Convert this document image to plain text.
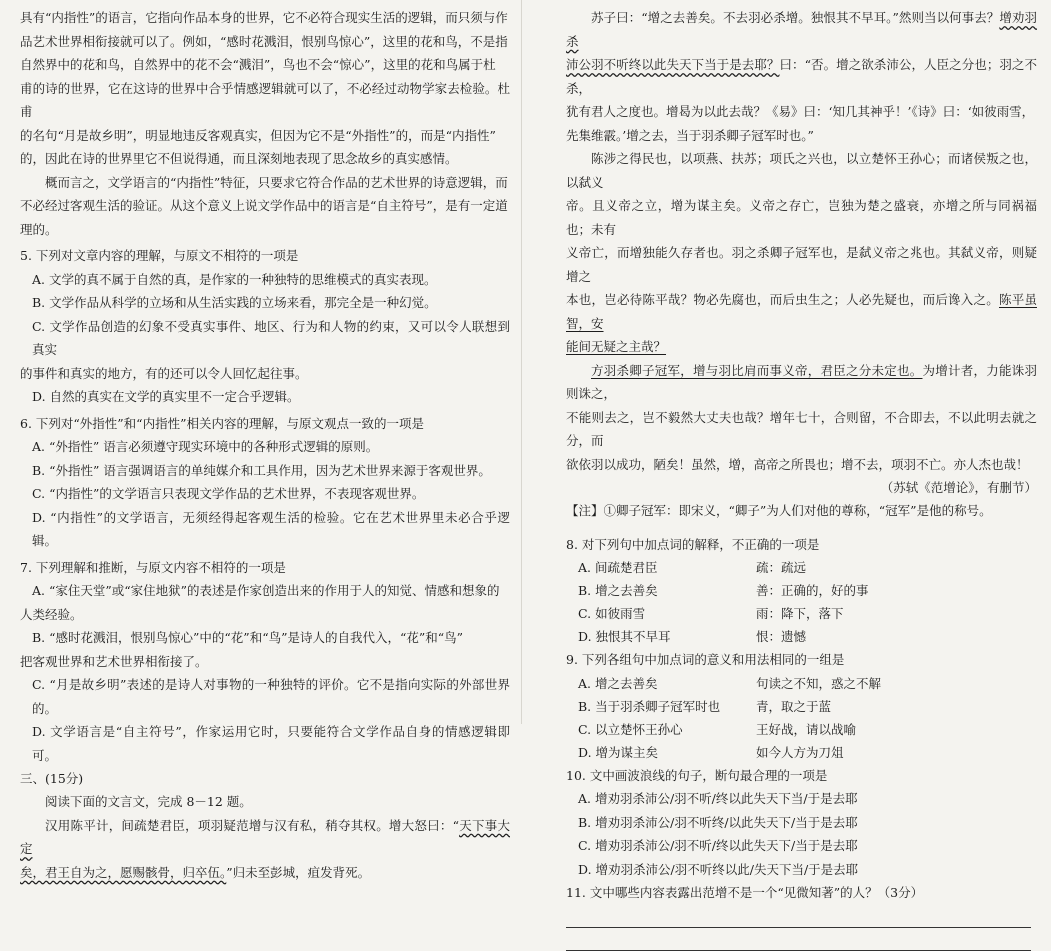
具有“内指性”的语言，它指向作品本身的世界，它不必符合现实生活的逻辑，而只须与作

品艺术世界相衔接就可以了。例如，“感时花溅泪，恨别鸟惊心”，这里的花和鸟，不是指

自然界中的花和鸟，自然界中的花不会“溅泪”，鸟也不会“惊心”，这里的花和鸟属于杜

甫的诗的世界，它在这诗的世界中合乎情感逻辑就可以了，不必经过动物学家去检验。杜甫

的名句“月是故乡明”，明显地违反客观真实，但因为它不是“外指性”的，而是“内指性”

的，因此在诗的世界里它不但说得通，而且深刻地表现了思念故乡的真实感情。

概而言之，文学语言的“内指性”特征，只要求它符合作品的艺术世界的诗意逻辑，而

不必经过客观生活的验证。从这个意义上说文学作品中的语言是“自主符号”，是有一定道

理的。

5. 下列对文章内容的理解，与原文不相符的一项是

A. 文学的真不属于自然的真，是作家的一种独特的思维模式的真实表现。

B. 文学作品从科学的立场和从生活实践的立场来看，那完全是一种幻觉。

C. 文学作品创造的幻象不受真实事件、地区、行为和人物的约束，又可以令人联想到真实

的事件和真实的地方，有的还可以令人回忆起往事。

D. 自然的真实在文学的真实里不一定合乎逻辑。

6. 下列对“外指性”和“内指性”相关内容的理解，与原文观点一致的一项是

A. “外指性” 语言必须遵守现实环境中的各种形式逻辑的原则。

B. “外指性” 语言强调语言的单纯媒介和工具作用，因为艺术世界来源于客观世界。

C. “内指性”的文学语言只表现文学作品的艺术世界，不表现客观世界。

D. “内指性”的文学语言，无须经得起客观生活的检验。它在艺术世界里未必合乎逻辑。

7. 下列理解和推断，与原文内容不相符的一项是

A. “家住天堂”或“家住地狱”的表述是作家创造出来的作用于人的知觉、情感和想象的

人类经验。

B. “感时花溅泪，恨别鸟惊心”中的“花”和“鸟”是诗人的自我代入，“花”和“鸟”

把客观世界和艺术世界相衔接了。

C. “月是故乡明”表述的是诗人对事物的一种独特的评价。它不是指向实际的外部世界的。

D. 文学语言是“自主符号”，作家运用它时，只要能符合文学作品自身的情感逻辑即可。

三、(15分)

阅读下面的文言文，完成 8－12 题。

汉用陈平计，间疏楚君臣，项羽疑范增与汉有私，稍夺其权。增大怒曰：“天下事大定

矣，君王自为之，愿赐骸骨，归卒伍。”归未至彭城，疽发背死。

苏子曰：“增之去善矣。不去羽必杀增。独恨其不早耳。”然则当以何事去？增劝羽杀

沛公羽不听终以此失天下当于是去耶？曰：“否。增之欲杀沛公，人臣之分也；羽之不杀，

犹有君人之度也。增曷为以此去哉？《易》曰：‘知几其神乎！’《诗》曰：‘如彼雨雪，

先集维霰。’增之去，当于羽杀卿子冠军时也。”

陈涉之得民也，以项燕、扶苏；项氏之兴也，以立楚怀王孙心；而诸侯叛之也，以弑义

帝。且义帝之立，增为谋主矣。义帝之存亡，岂独为楚之盛衰，亦增之所与同祸福也；未有

义帝亡，而增独能久存者也。羽之杀卿子冠军也，是弑义帝之兆也。其弑义帝，则疑增之

本也，岂必待陈平哉？物必先腐也，而后虫生之；人必先疑也，而后谗入之。陈平虽智，安

能间无疑之主哉？

方羽杀卿子冠军，增与羽比肩而事义帝，君臣之分未定也。为增计者，力能诛羽则诛之，

不能则去之，岂不毅然大丈夫也哉？增年七十，合则留，不合即去，不以此明去就之分，而

欲依羽以成功，陋矣！虽然，增，高帝之所畏也；增不去，项羽不亡。亦人杰也哉！

（苏轼《范增论》，有删节）

【注】①卿子冠军：即宋义，“卿子”为人们对他的尊称，“冠军”是他的称号。

8. 对下列句中加点词的解释，不正确的一项是

A. 间疏楚君臣	疏：疏远
B. 增之去善矣	善：正确的，好的事
C. 如彼雨雪	雨：降下，落下
D. 独恨其不早耳	恨：遗憾

9. 下列各组句中加点词的意义和用法相同的一组是

A. 增之去善矣	句读之不知，惑之不解
B. 当于羽杀卿子冠军时也	青，取之于蓝
C. 以立楚怀王孙心	王好战，请以战喻
D. 增为谋主矣	如今人方为刀俎

10. 文中画波浪线的句子，断句最合理的一项是

A. 增劝羽杀沛公/羽不听/终以此失天下当/于是去耶

B. 增劝羽杀沛公/羽不听终/以此失天下/当于是去耶

C. 增劝羽杀沛公/羽不听/终以此失天下/当于是去耶

D. 增劝羽杀沛公/羽不听终以此/失天下当/于是去耶

11. 文中哪些内容表露出范增不是一个“见微知著”的人？（3分）
